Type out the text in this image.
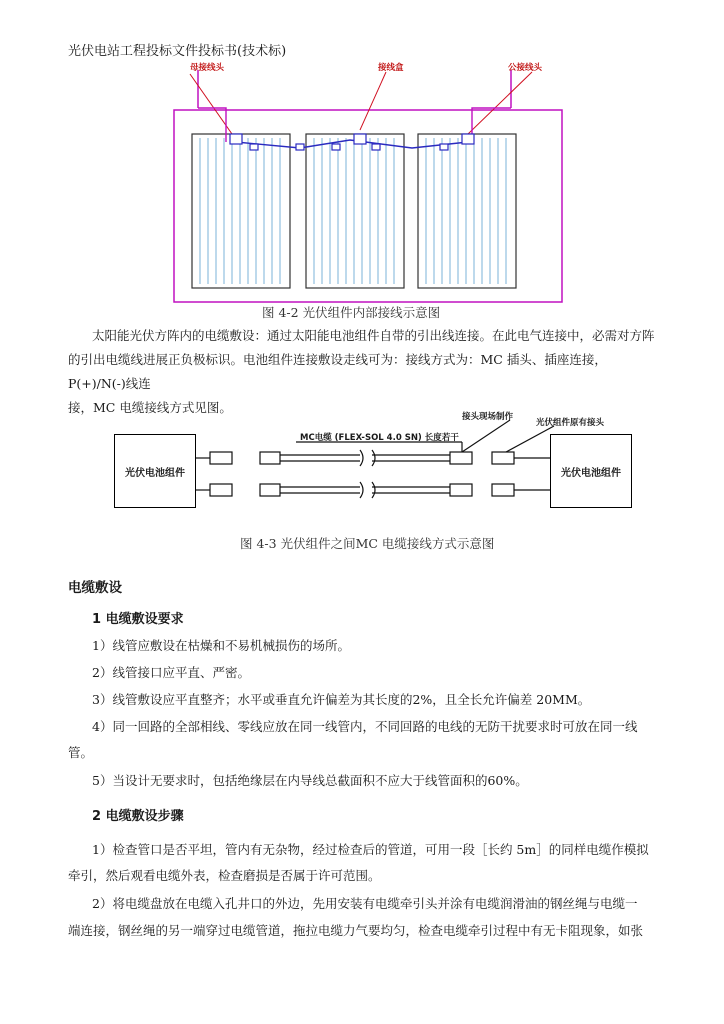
光伏电站工程投标文件投标书(技术标)
母接线头	接线盒	公接线头
图 4-2 光伏组件内部接线示意图
太阳能光伏方阵内的电缆敷设：通过太阳能电池组件自带的引出线连接。在此电气连接中，必需对方阵
的引出电缆线进展正负极标识。电池组件连接敷设走线可为：接线方式为：MC 插头、插座连接，P(+)/N(-)线连
接，MC 电缆接线方式见图。
光伏电池组件	光伏电池组件
MC电缆 (FLEX-SOL 4.0 SN) 长度若干
接头现场制作
光伏组件原有接头
图 4-3 光伏组件之间MC 电缆接线方式示意图
电缆敷设
1 电缆敷设要求
1）线管应敷设在枯燥和不易机械损伤的场所。
2）线管接口应平直、严密。
3）线管敷设应平直整齐；水平或垂直允许偏差为其长度的2%，且全长允许偏差 20MM。
4）同一回路的全部相线、零线应放在同一线管内，不同回路的电线的无防干扰要求时可放在同一线
管。
5）当设计无要求时，包括绝缘层在内导线总截面积不应大于线管面积的60%。
2 电缆敷设步骤
1）检查管口是否平坦，管内有无杂物，经过检查后的管道，可用一段［长约 5m］的同样电缆作模拟
牵引，然后观看电缆外表，检查磨损是否属于许可范围。
2）将电缆盘放在电缆入孔井口的外边，先用安装有电缆牵引头并涂有电缆润滑油的钢丝绳与电缆一
端连接，钢丝绳的另一端穿过电缆管道，拖拉电缆力气要均匀，检查电缆牵引过程中有无卡阻现象，如张
